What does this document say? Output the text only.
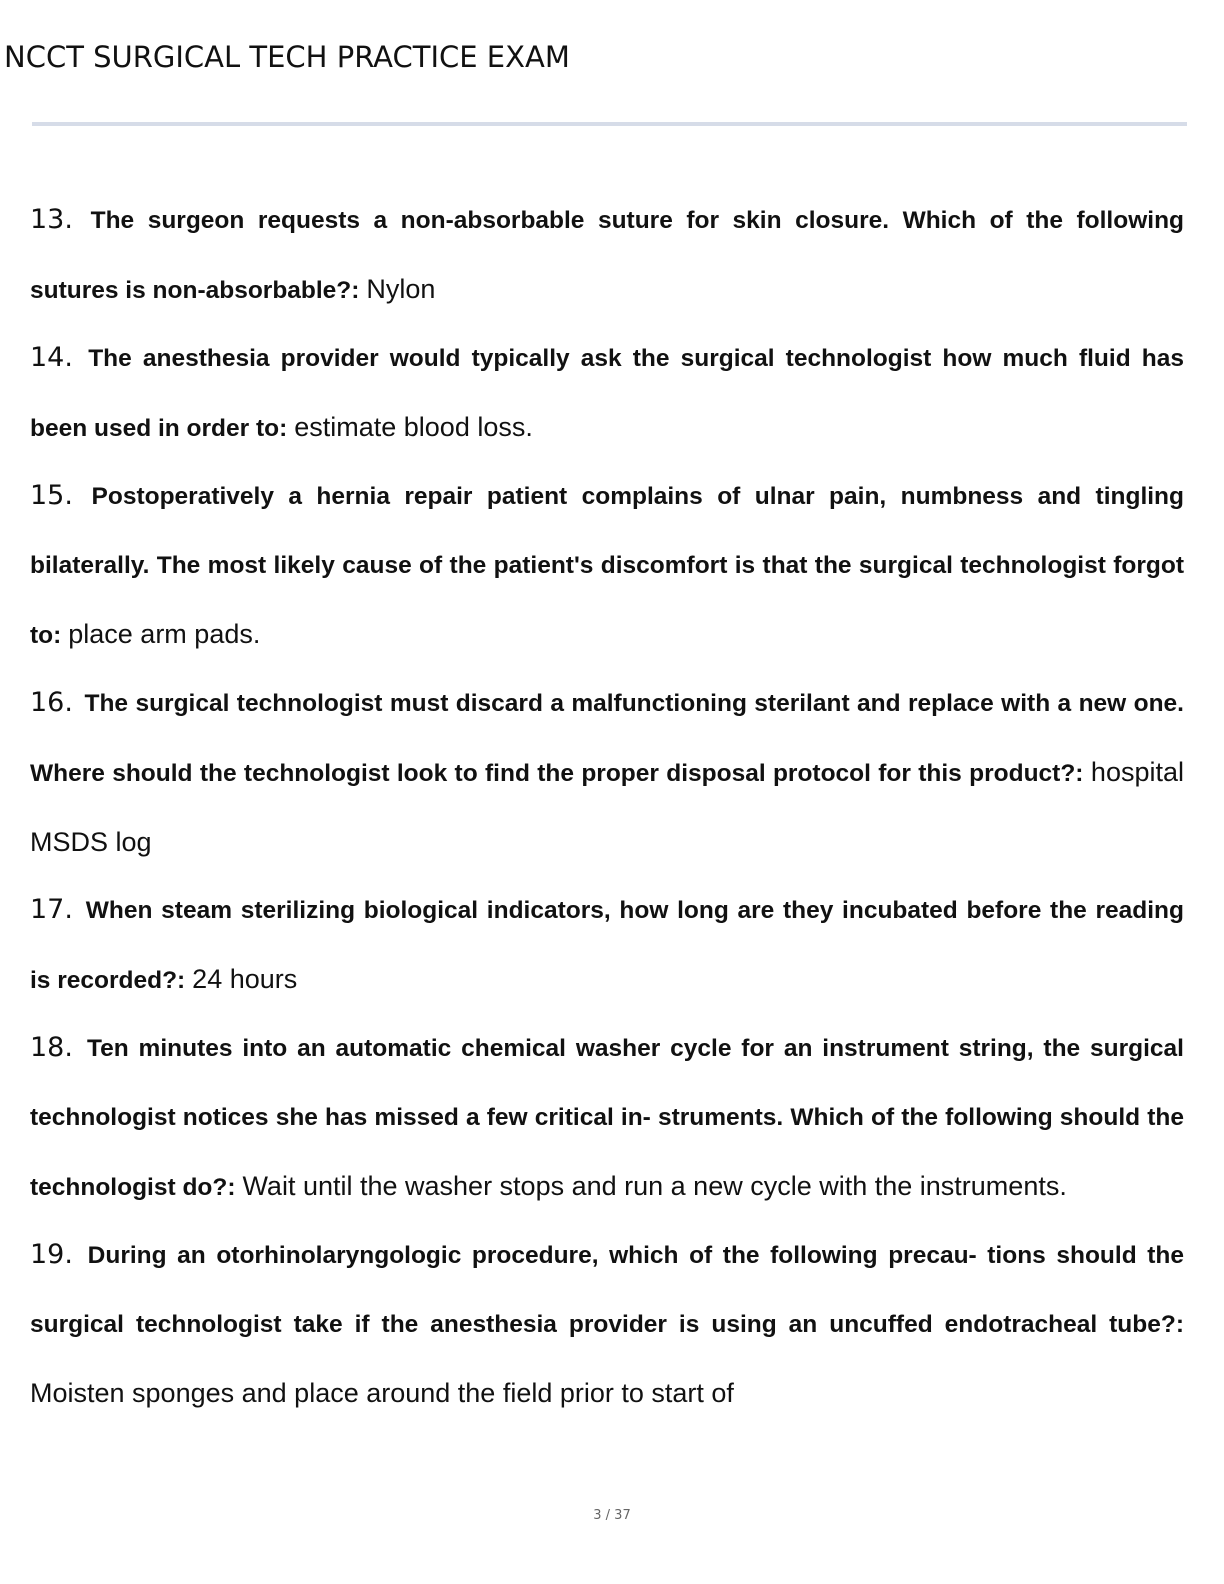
NCCT SURGICAL TECH PRACTICE EXAM

13. The surgeon requests a non-absorbable suture for skin closure. Which of the following sutures is non-absorbable?: Nylon

14. The anesthesia provider would typically ask the surgical technologist how much fluid has been used in order to: estimate blood loss.

15. Postoperatively a hernia repair patient complains of ulnar pain, numbness and tingling bilaterally. The most likely cause of the patient's discomfort is that the surgical technologist forgot to: place arm pads.

16. The surgical technologist must discard a malfunctioning sterilant and replace with a new one. Where should the technologist look to find the proper disposal protocol for this product?: hospital MSDS log

17. When steam sterilizing biological indicators, how long are they incubated before the reading is recorded?: 24 hours

18. Ten minutes into an automatic chemical washer cycle for an instrument string, the surgical technologist notices she has missed a few critical in- struments. Which of the following should the technologist do?: Wait until the washer stops and run a new cycle with the instruments.

19. During an otorhinolaryngologic procedure, which of the following precau- tions should the surgical technologist take if the anesthesia provider is using an uncuffed endotracheal tube?: Moisten sponges and place around the field prior to start of

3 / 37
